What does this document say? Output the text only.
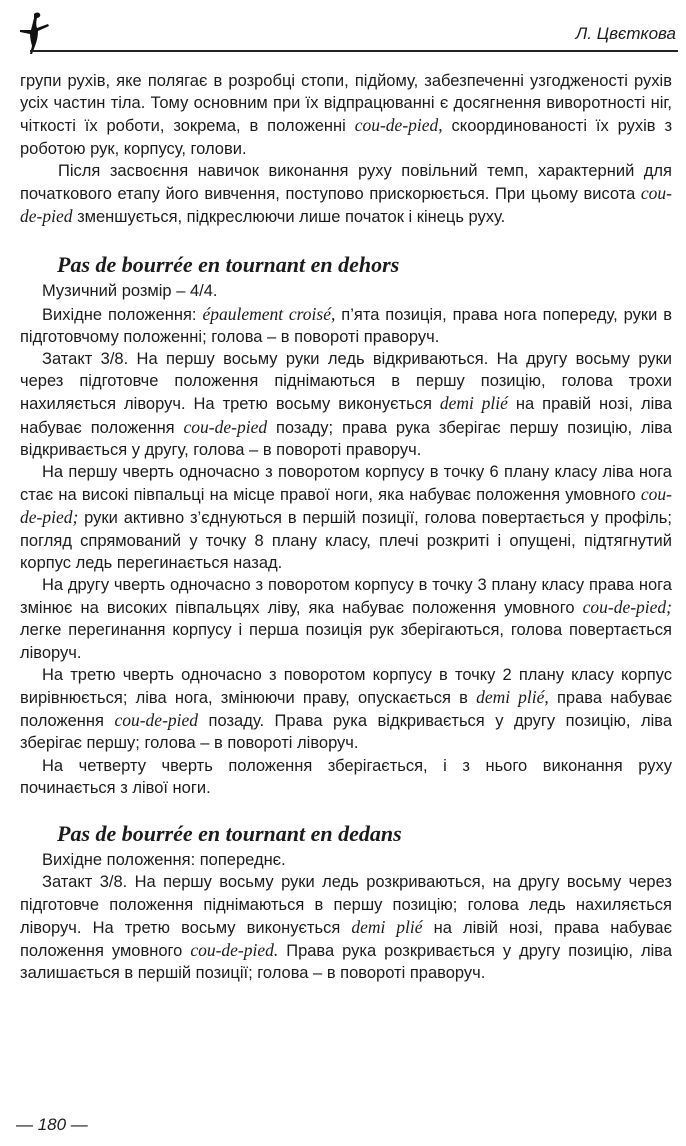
Л. Цвєткова

групи рухів, яке полягає в розробці стопи, підйому, забезпеченні узгодженості рухів усіх частин тіла. Тому основним при їх відпрацюванні є досягнення виворотності ніг, чіткості їх роботи, зокрема, в положенні cou-de-pied, скоординованості їх рухів з роботою рук, корпусу, голови.

Після засвоєння навичок виконання руху повільний темп, характерний для початкового етапу його вивчення, поступово прискорюється. При цьому висота cou-de-pied зменшується, підкреслюючи лише початок і кінець руху.

Pas de bourrée en tournant en dehors

Музичний розмір – 4/4.

Вихідне положення: épaulement croisé, п’ята позиція, права нога попереду, руки в підготовчому положенні; голова – в повороті праворуч.

Затакт 3/8. На першу восьму руки ледь відкриваються. На другу восьму руки через підготовче положення піднімаються в першу позицію, голова трохи нахиляється ліворуч. На третю восьму виконується demi plié на правій нозі, ліва набуває положення cou-de-pied позаду; права рука зберігає першу позицію, ліва відкривається у другу, голова – в повороті праворуч.

На першу чверть одночасно з поворотом корпусу в точку 6 плану класу ліва нога стає на високі півпальці на місце правої ноги, яка набуває положення умовного cou-de-pied; руки активно з’єднуються в першій позиції, голова повертається у профіль; погляд спрямований у точку 8 плану класу, плечі розкриті і опущені, підтягнутий корпус ледь перегинається назад.

На другу чверть одночасно з поворотом корпусу в точку 3 плану класу права нога змінює на високих півпальцях ліву, яка набуває положення умовного cou-de-pied; легке перегинання корпусу і перша позиція рук зберігаються, голова повертається ліворуч.

На третю чверть одночасно з поворотом корпусу в точку 2 плану класу корпус вирівнюється; ліва нога, змінюючи праву, опускається в demi plié, права набуває положення cou-de-pied позаду. Права рука відкривається у другу позицію, ліва зберігає першу; голова – в повороті ліворуч.

На четверту чверть положення зберігається, і з нього виконання руху починається з лівої ноги.

Pas de bourrée en tournant en dedans

Вихідне положення: попереднє.

Затакт 3/8. На першу восьму руки ледь розкриваються, на другу восьму через підготовче положення піднімаються в першу позицію; голова ледь нахиляється ліворуч. На третю восьму виконується demi plié на лівій нозі, права набуває положення умовного cou-de-pied. Права рука розкривається у другу позицію, ліва залишається в першій позиції; голова – в повороті праворуч.

— 180 —
